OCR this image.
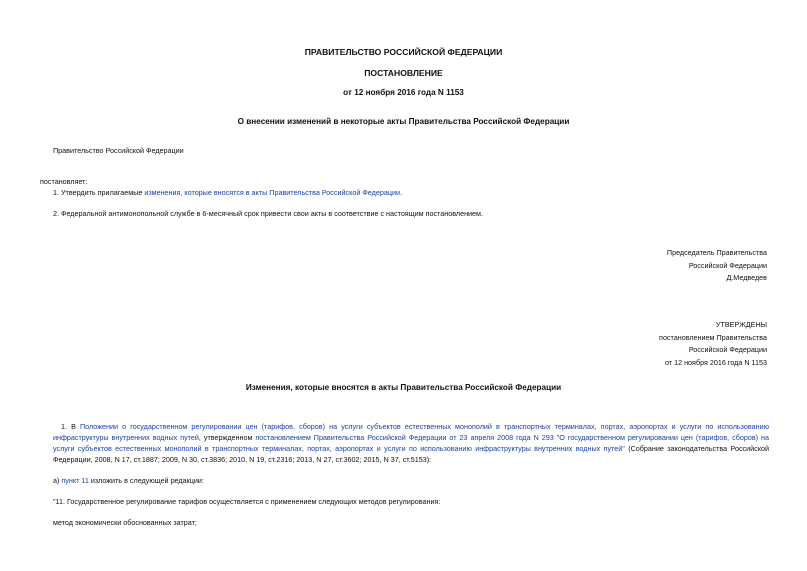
ПРАВИТЕЛЬСТВО РОССИЙСКОЙ ФЕДЕРАЦИИ
ПОСТАНОВЛЕНИЕ
от 12 ноября 2016 года N 1153
О внесении изменений в некоторые акты Правительства Российской Федерации
Правительство Российской Федерации
постановляет:
1. Утвердить прилагаемые изменения, которые вносятся в акты Правительства Российской Федерации.
2. Федеральной антимонопольной службе в 6-месячный срок привести свои акты в соответствие с настоящим постановлением.
Председатель Правительства
Российской Федерации
Д.Медведев
УТВЕРЖДЕНЫ
постановлением Правительства
Российской Федерации
от 12 ноября 2016 года N 1153
Изменения, которые вносятся в акты Правительства Российской Федерации
1. В Положении о государственном регулировании цен (тарифов, сборов) на услуги субъектов естественных монополий в транспортных терминалах, портах, аэропортах и услуги по использованию инфраструктуры внутренних водных путей, утвержденном постановлением Правительства Российской Федерации от 23 апреля 2008 года N 293 "О государственном регулировании цен (тарифов, сборов) на услуги субъектов естественных монополий в транспортных терминалах, портах, аэропортах и услуги по использованию инфраструктуры внутренних водных путей" (Собрание законодательства Российской Федерации, 2008, N 17, ст.1887; 2009, N 30, ст.3836; 2010, N 19, ст.2316; 2013, N 27, ст.3602; 2015, N 37, ст.5153):
а) пункт 11 изложить в следующей редакции:
"11. Государственное регулирование тарифов осуществляется с применением следующих методов регулирования:
метод экономически обоснованных затрат;
